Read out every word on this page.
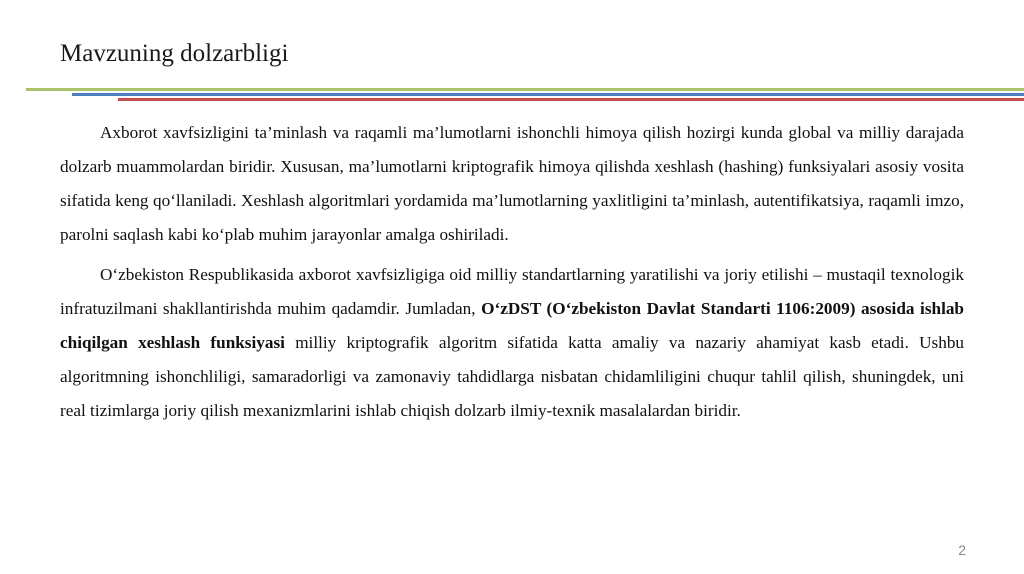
Mavzuning dolzarbligi

Axborot xavfsizligini ta’minlash va raqamli ma’lumotlarni ishonchli himoya qilish hozirgi kunda global va milliy darajada dolzarb muammolardan biridir. Xususan, ma’lumotlarni kriptografik himoya qilishda xeshlash (hashing) funksiyalari asosiy vosita sifatida keng qo‘llaniladi. Xeshlash algoritmlari yordamida ma’lumotlarning yaxlitligini ta’minlash, autentifikatsiya, raqamli imzo, parolni saqlash kabi ko‘plab muhim jarayonlar amalga oshiriladi.

O‘zbekiston Respublikasida axborot xavfsizligiga oid milliy standartlarning yaratilishi va joriy etilishi – mustaqil texnologik infratuzilmani shakllantirishda muhim qadamdir. Jumladan, O‘zDST (O‘zbekiston Davlat Standarti 1106:2009) asosida ishlab chiqilgan xeshlash funksiyasi milliy kriptografik algoritm sifatida katta amaliy va nazariy ahamiyat kasb etadi. Ushbu algoritmning ishonchliligi, samaradorligi va zamonaviy tahdidlarga nisbatan chidamliligini chuqur tahlil qilish, shuningdek, uni real tizimlarga joriy qilish mexanizmlarini ishlab chiqish dolzarb ilmiy-texnik masalalardan biridir.

2
